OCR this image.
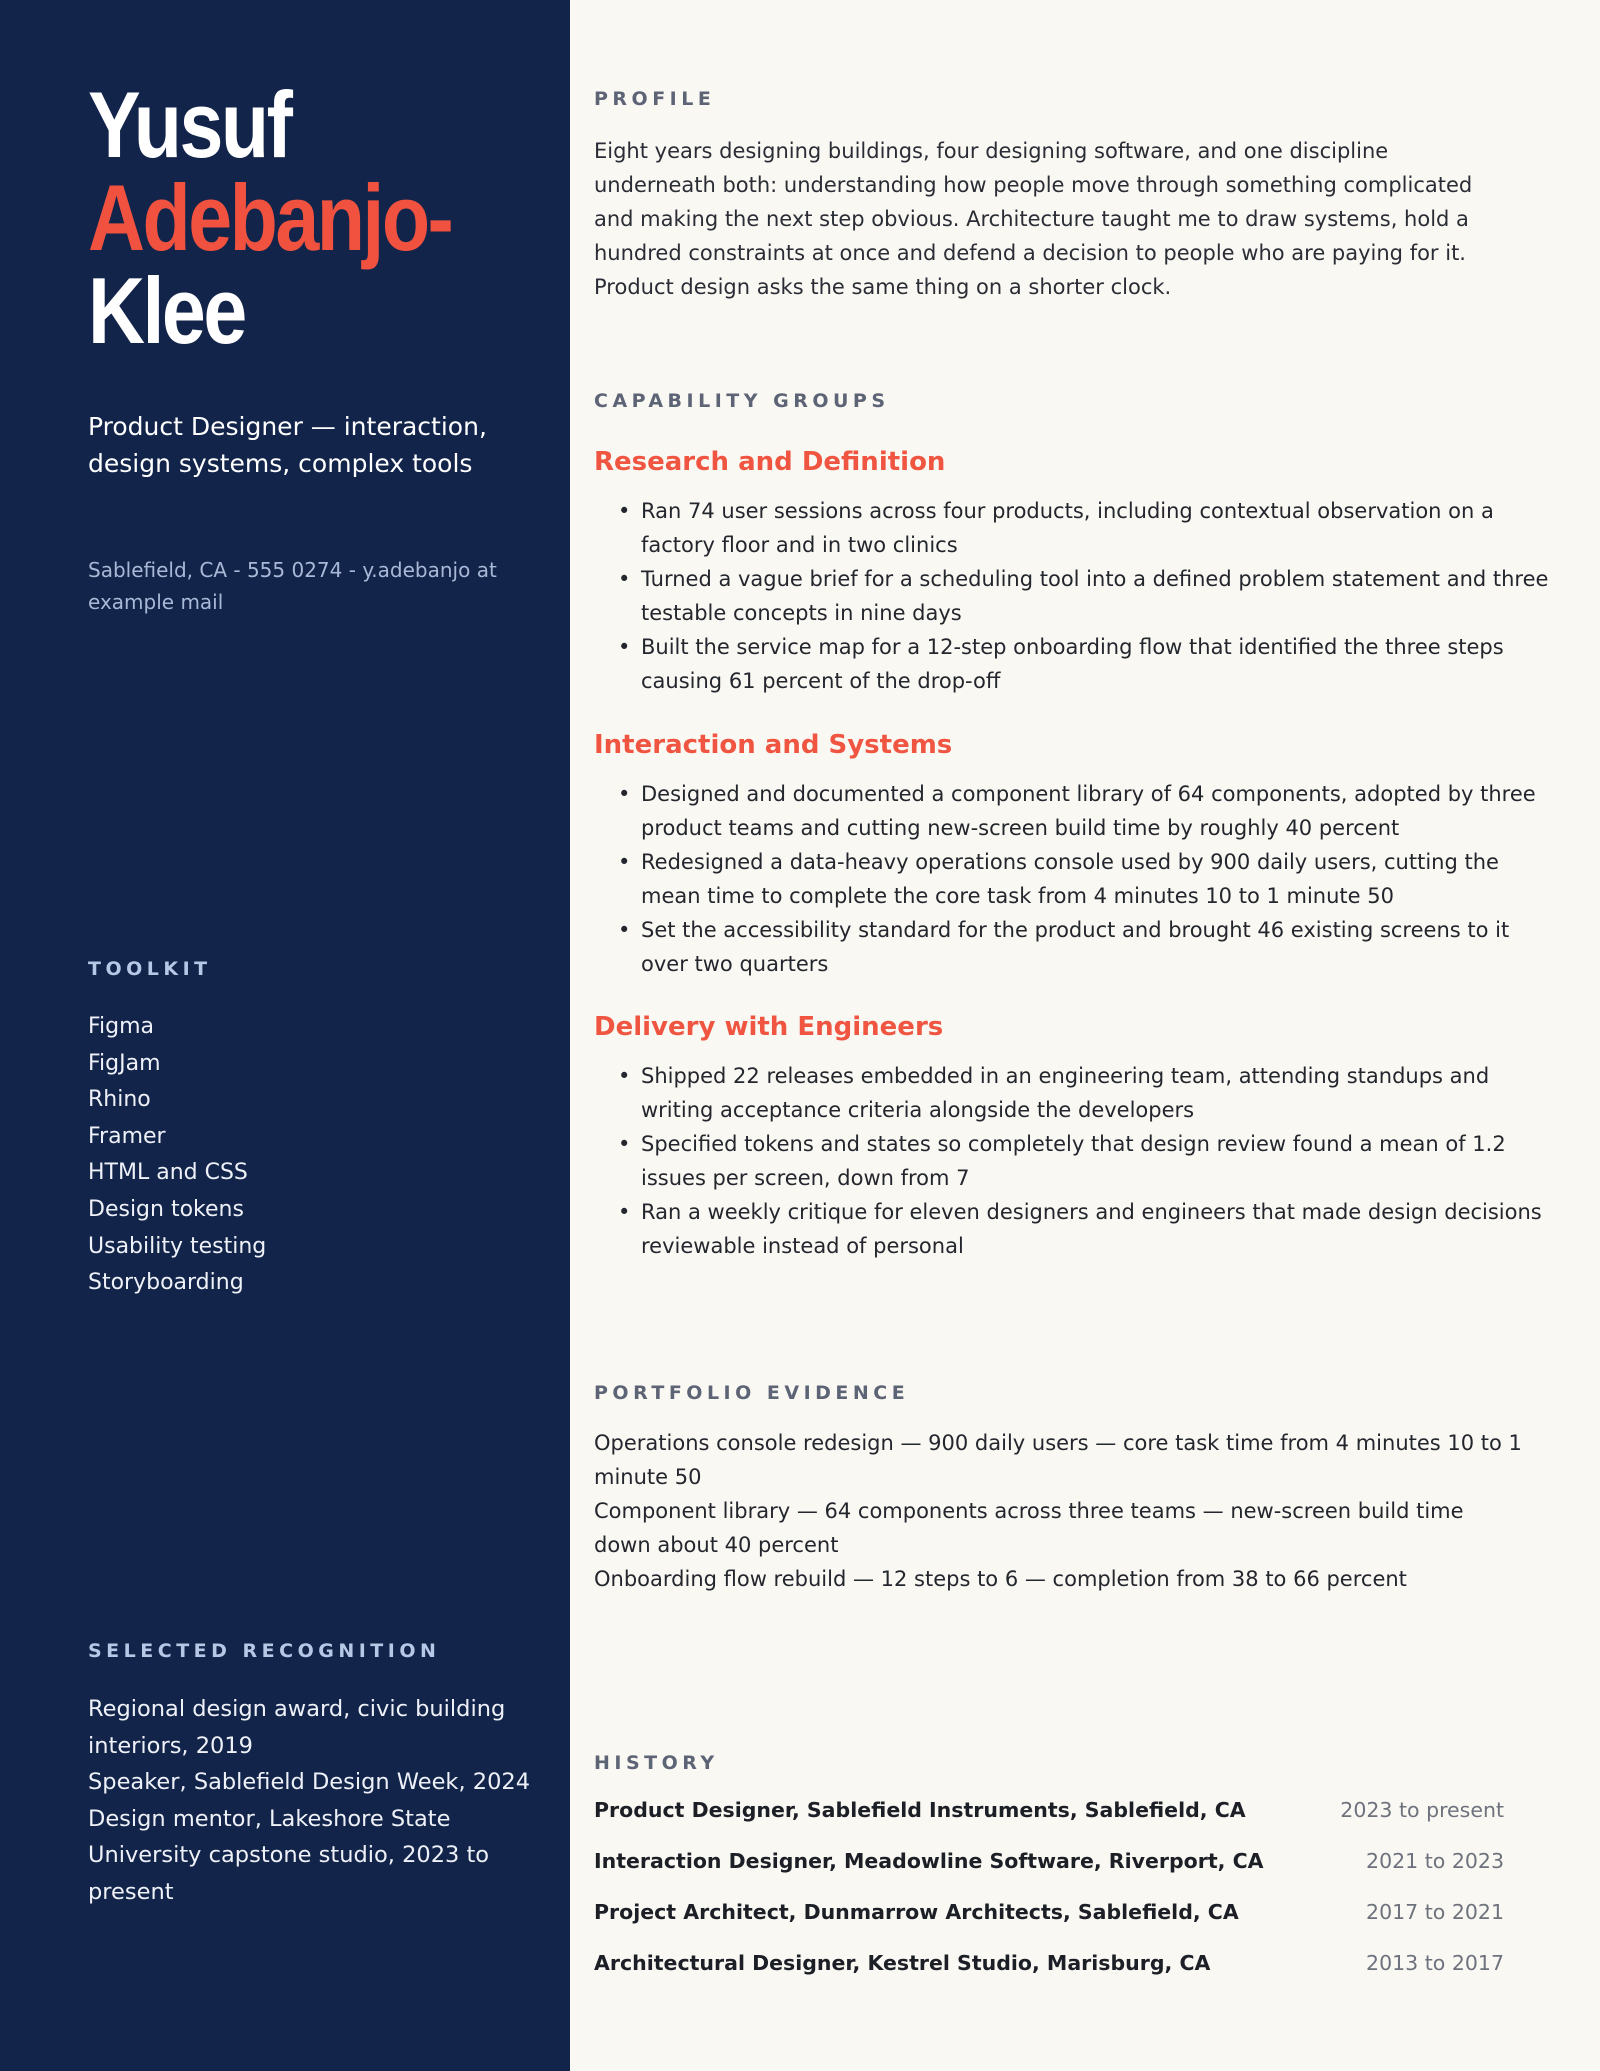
Yusuf
Adebanjo-
Klee
Product Designer — interaction, design systems, complex tools
Sablefield, CA - 555 0274 - y.adebanjo at example mail
TOOLKIT
Figma
FigJam
Rhino
Framer
HTML and CSS
Design tokens
Usability testing
Storyboarding
SELECTED RECOGNITION
Regional design award, civic building interiors, 2019
Speaker, Sablefield Design Week, 2024
Design mentor, Lakeshore State University capstone studio, 2023 to present
PROFILE
Eight years designing buildings, four designing software, and one discipline underneath both: understanding how people move through something complicated and making the next step obvious. Architecture taught me to draw systems, hold a hundred constraints at once and defend a decision to people who are paying for it. Product design asks the same thing on a shorter clock.
CAPABILITY GROUPS
Research and Definition
• Ran 74 user sessions across four products, including contextual observation on a factory floor and in two clinics
• Turned a vague brief for a scheduling tool into a defined problem statement and three testable concepts in nine days
• Built the service map for a 12-step onboarding flow that identified the three steps causing 61 percent of the drop-off
Interaction and Systems
• Designed and documented a component library of 64 components, adopted by three product teams and cutting new-screen build time by roughly 40 percent
• Redesigned a data-heavy operations console used by 900 daily users, cutting the mean time to complete the core task from 4 minutes 10 to 1 minute 50
• Set the accessibility standard for the product and brought 46 existing screens to it over two quarters
Delivery with Engineers
• Shipped 22 releases embedded in an engineering team, attending standups and writing acceptance criteria alongside the developers
• Specified tokens and states so completely that design review found a mean of 1.2 issues per screen, down from 7
• Ran a weekly critique for eleven designers and engineers that made design decisions reviewable instead of personal
PORTFOLIO EVIDENCE
Operations console redesign — 900 daily users — core task time from 4 minutes 10 to 1 minute 50
Component library — 64 components across three teams — new-screen build time down about 40 percent
Onboarding flow rebuild — 12 steps to 6 — completion from 38 to 66 percent
HISTORY
Product Designer, Sablefield Instruments, Sablefield, CA	2023 to present
Interaction Designer, Meadowline Software, Riverport, CA	2021 to 2023
Project Architect, Dunmarrow Architects, Sablefield, CA	2017 to 2021
Architectural Designer, Kestrel Studio, Marisburg, CA	2013 to 2017
